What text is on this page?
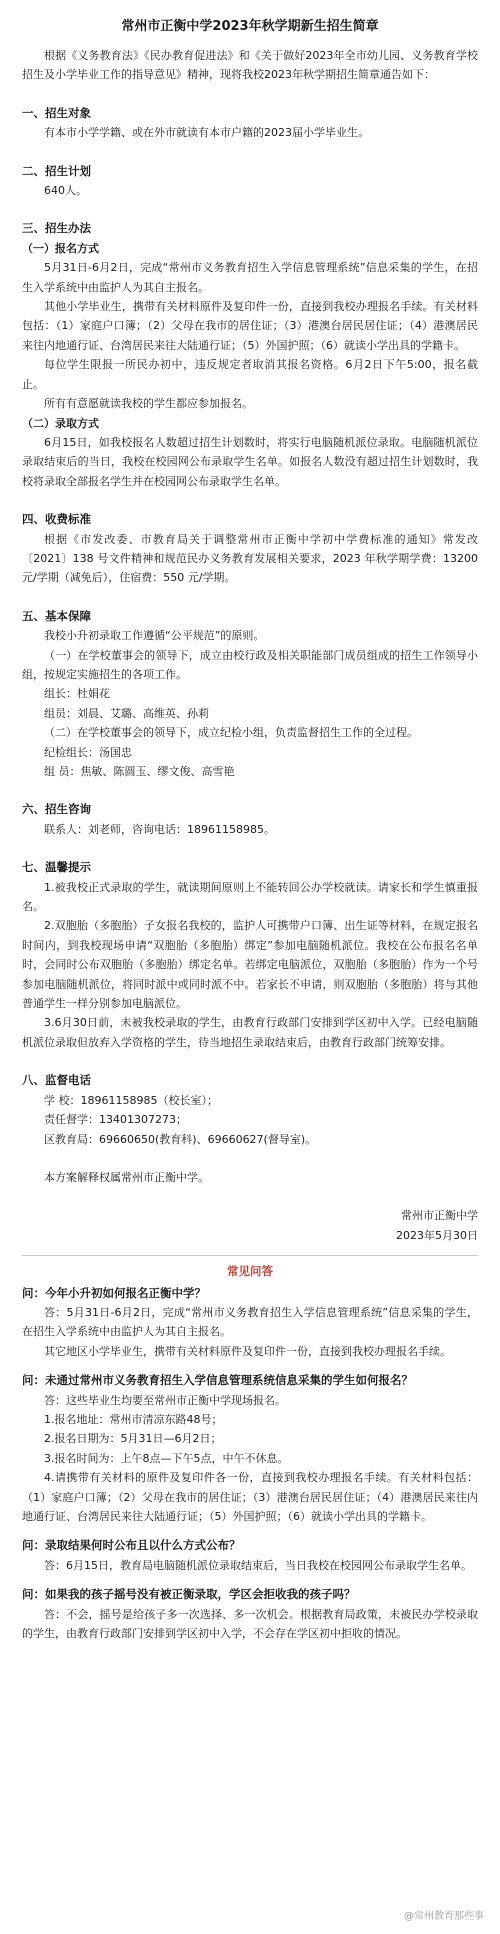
常州市正衡中学2023年秋学期新生招生简章

根据《义务教育法》《民办教育促进法》和《关于做好2023年全市幼儿园、义务教育学校招生及小学毕业工作的指导意见》精神，现将我校2023年秋学期招生简章通告如下：

一、招生对象

有本市小学学籍、或在外市就读有本市户籍的2023届小学毕业生。

二、招生计划

640人。

三、招生办法

（一）报名方式

5月31日-6月2日，完成“常州市义务教育招生入学信息管理系统”信息采集的学生，在招生入学系统中由监护人为其自主报名。

其他小学毕业生，携带有关材料原件及复印件一份，直接到我校办理报名手续。有关材料包括：（1）家庭户口簿；（2）父母在我市的居住证；（3）港澳台居民居住证；（4）港澳居民来往内地通行证、台湾居民来往大陆通行证；（5）外国护照；（6）就读小学出具的学籍卡。

每位学生限报一所民办初中，违反规定者取消其报名资格。6月2日下午5:00，报名截止。

所有有意愿就读我校的学生都应参加报名。

（二）录取方式

6月15日，如我校报名人数超过招生计划数时，将实行电脑随机派位录取。电脑随机派位录取结束后的当日，我校在校园网公布录取学生名单。如报名人数没有超过招生计划数时，我校将录取全部报名学生并在校园网公布录取学生名单。

四、收费标准

根据《市发改委、市教育局关于调整常州市正衡中学初中学费标准的通知》常发改〔2021〕138 号文件精神和规范民办义务教育发展相关要求，2023 年秋学期学费：13200 元/学期（减免后），住宿费：550 元/学期。

五、基本保障

我校小升初录取工作遵循“公平规范”的原则。

（一）在学校董事会的领导下，成立由校行政及相关职能部门成员组成的招生工作领导小组，按规定实施招生的各项工作。

组长：杜娟花

组员：刘晨、艾璐、高维英、孙莉

（二）在学校董事会的领导下，成立纪检小组，负责监督招生工作的全过程。

纪检组长：汤国忠

组 员：焦敏、陈圆玉、缪文俊、高雪艳

六、招生咨询

联系人：刘老师，咨询电话：18961158985。

七、温馨提示

1.被我校正式录取的学生，就读期间原则上不能转回公办学校就读。请家长和学生慎重报名。

2.双胞胎（多胞胎）子女报名我校的，监护人可携带户口簿、出生证等材料，在规定报名时间内，到我校现场申请“双胞胎（多胞胎）绑定”参加电脑随机派位。我校在公布报名名单时，会同时公布双胞胎（多胞胎）绑定名单。若绑定电脑派位，双胞胎（多胞胎）作为一个号参加电脑随机派位，将同时派中或同时派不中。若家长不申请，则双胞胎（多胞胎）将与其他普通学生一样分别参加电脑派位。

3.6月30日前，未被我校录取的学生，由教育行政部门安排到学区初中入学。已经电脑随机派位录取但放弃入学资格的学生，待当地招生录取结束后，由教育行政部门统筹安排。

八、监督电话

学 校：18961158985（校长室）；

责任督学：13401307273；

区教育局：69660650(教育科)、69660627(督导室)。

本方案解释权属常州市正衡中学。

常州市正衡中学

2023年5月30日

常见问答

问：今年小升初如何报名正衡中学？

答：5月31日-6月2日，完成“常州市义务教育招生入学信息管理系统”信息采集的学生，在招生入学系统中由监护人为其自主报名。

其它地区小学毕业生，携带有关材料原件及复印件一份，直接到我校办理报名手续。

问：未通过常州市义务教育招生入学信息管理系统信息采集的学生如何报名？

答：这些毕业生均要至常州市正衡中学现场报名。

1.报名地址：常州市清凉东路48号；

2.报名日期为：5月31日—6月2日；

3.报名时间为：上午8点—下午5点，中午不休息。

4.请携带有关材料的原件及复印件各一份，直接到我校办理报名手续。有关材料包括：（1）家庭户口簿；（2）父母在我市的居住证；（3）港澳台居民居住证；（4）港澳居民来往内地通行证、台湾居民来往大陆通行证；（5）外国护照；（6）就读小学出具的学籍卡。

问：录取结果何时公布且以什么方式公布？

答：6月15日，教育局电脑随机派位录取结束后，当日我校在校园网公布录取学生名单。

问：如果我的孩子摇号没有被正衡录取，学区会拒收我的孩子吗？

答：不会，摇号是给孩子多一次选择、多一次机会。根据教育局政策，未被民办学校录取的学生，由教育行政部门安排到学区初中入学，不会存在学区初中拒收的情况。

@常州教育那些事
